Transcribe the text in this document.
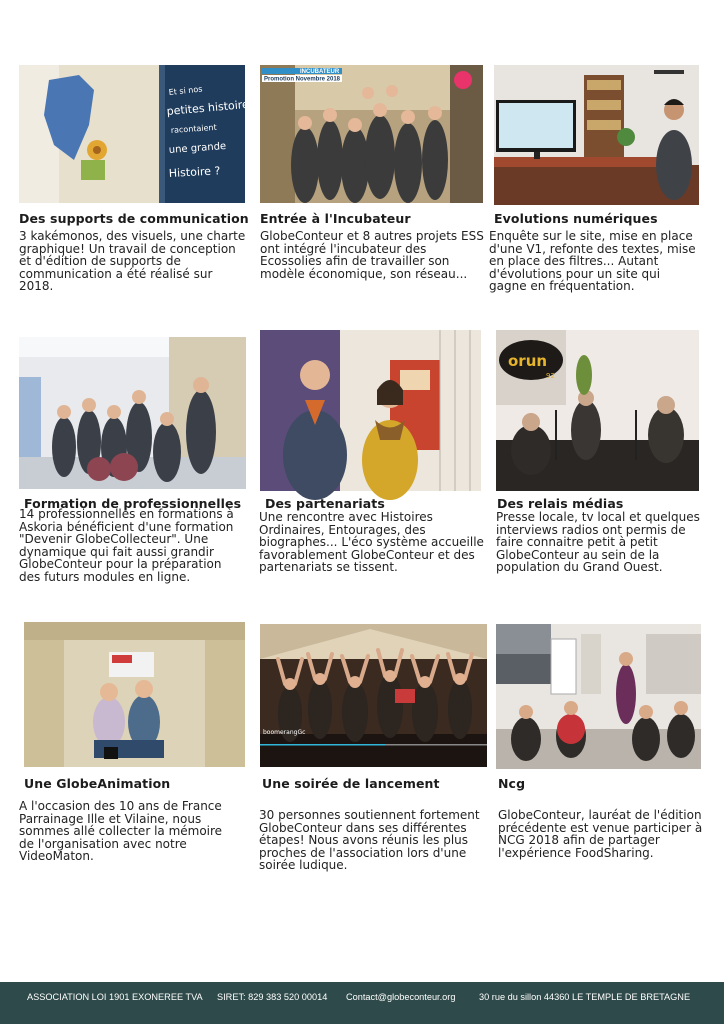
Et si nos
petites histoires
racontaient
une grande
Histoire ?
Des supports de communication

3 kakémonos, des visuels, une charte graphique! Un travail de conception et d'édition de supports de communication a été réalisé sur 2018.

INCUBATEUR
Promotion Novembre 2018
Entrée à l'Incubateur

GlobeConteur et 8 autres projets ESS ont intégré l'incubateur des Ecossolies afin de travailler son modèle économique, son réseau...

Evolutions numériques

Enquête sur le site, mise en place d'une V1, refonte des textes, mise en place des filtres... Autant d'évolutions pour un site qui gagne en fréquentation.

Formation de professionnelles

14 professionnelles en formations à Askoria bénéficient d'une formation "Devenir GlobeCollecteur". Une dynamique qui fait aussi grandir GlobeConteur pour la préparation des futurs modules en ligne.

Des partenariats

Une rencontre avec Histoires Ordinaires, Entourages, des biographes... L'éco système accueille favorablement GlobeConteur et des partenariats se tissent.

orun
92
Des relais médias

Presse locale, tv local et quelques interviews radios ont permis de faire connaitre petit à petit GlobeConteur au sein de la population du Grand Ouest.

Une GlobeAnimation

A l'occasion des 10 ans de France Parrainage Ille et Vilaine, nous sommes allé collecter la mémoire de l'organisation avec notre VideoMaton.

boomerangGc
Une soirée de lancement

30 personnes soutiennent fortement GlobeConteur dans ses différentes étapes! Nous avons réunis les plus proches de l'association lors d'une soirée ludique.

Ncg

GlobeConteur, lauréat de l'édition précédente est venue participer à NCG 2018 afin de partager l'expérience FoodSharing.

ASSOCIATION LOI 1901 EXONEREE TVA SIRET: 829 383 520 00014 Contact@globeconteur.org	30 rue du sillon 44360 LE TEMPLE DE BRETAGNE
